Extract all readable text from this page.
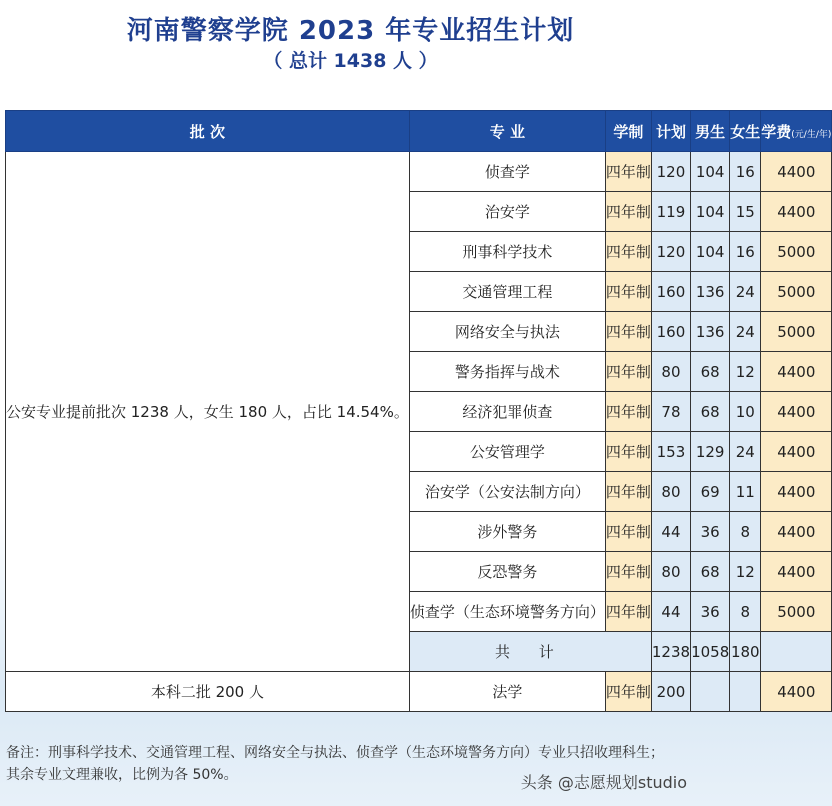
河南警察学院 2023 年专业招生计划
（ 总计 1438 人 ）
批 次	专 业	学制	计划	男生	女生	学费(元/生/年)
公安专业提前批次 1238 人，女生 180 人，占比 14.54%。	侦查学	四年制	120	104	16	4400
	治安学	四年制	119	104	15	4400
	刑事科学技术	四年制	120	104	16	5000
	交通管理工程	四年制	160	136	24	5000
	网络安全与执法	四年制	160	136	24	5000
	警务指挥与战术	四年制	80	68	12	4400
	经济犯罪侦查	四年制	78	68	10	4400
	公安管理学	四年制	153	129	24	4400
	治安学（公安法制方向）	四年制	80	69	11	4400
	涉外警务	四年制	44	36	8	4400
	反恐警务	四年制	80	68	12	4400
	侦查学（生态环境警务方向）	四年制	44	36	8	5000
	共 计		1238	1058	180	
本科二批 200 人	法学	四年制	200			4400
备注：刑事科学技术、交通管理工程、网络安全与执法、侦查学（生态环境警务方向）专业只招收理科生；
其余专业文理兼收，比例为各 50%。	头条 @志愿规划studio
